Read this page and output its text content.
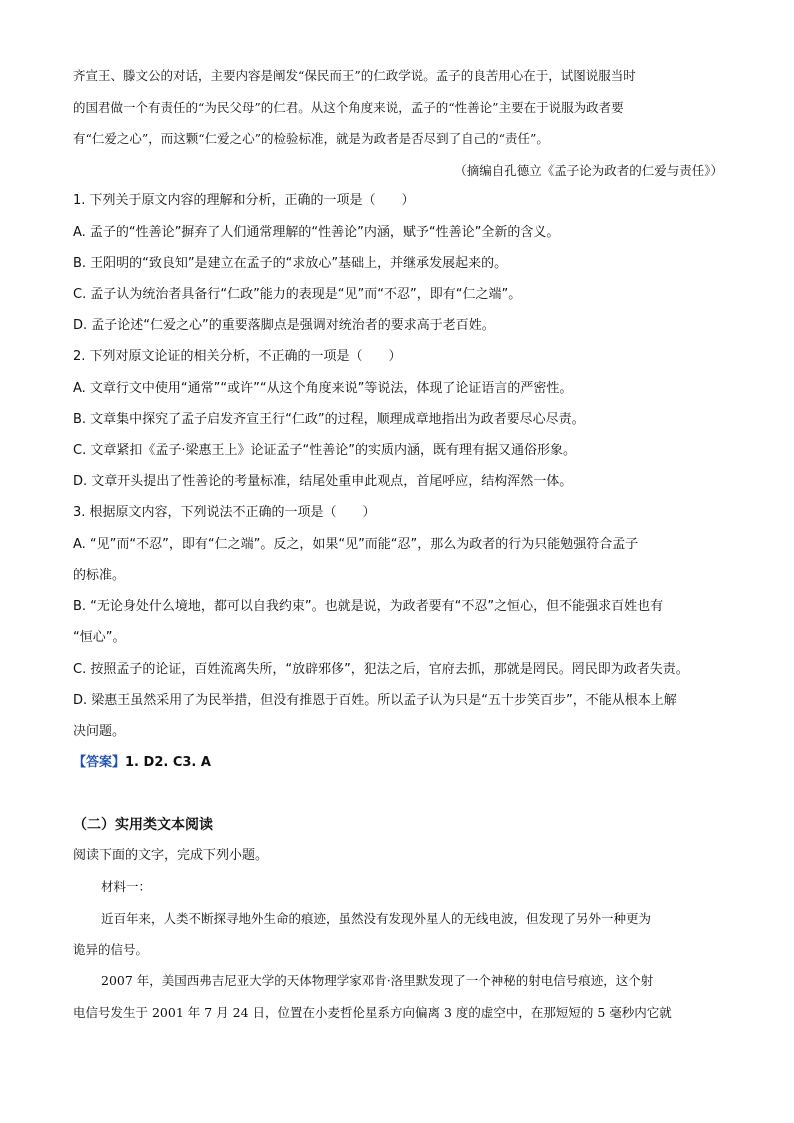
齐宣王、滕文公的对话，主要内容是阐发“保民而王”的仁政学说。孟子的良苦用心在于，试图说服当时
的国君做一个有责任的“为民父母”的仁君。从这个角度来说，孟子的“性善论”主要在于说服为政者要
有“仁爱之心”，而这颗“仁爱之心”的检验标准，就是为政者是否尽到了自己的“责任”。
（摘编自孔德立《孟子论为政者的仁爱与责任》）
1. 下列关于原文内容的理解和分析，正确的一项是（　　）
A. 孟子的“性善论”摒弃了人们通常理解的“性善论”内涵，赋予“性善论”全新的含义。
B. 王阳明的“致良知”是建立在孟子的“求放心”基础上，并继承发展起来的。
C. 孟子认为统治者具备行“仁政”能力的表现是“见”而“不忍”，即有“仁之端”。
D. 孟子论述“仁爱之心”的重要落脚点是强调对统治者的要求高于老百姓。
2. 下列对原文论证的相关分析，不正确的一项是（　　）
A. 文章行文中使用“通常”“或许”“从这个角度来说”等说法，体现了论证语言的严密性。
B. 文章集中探究了孟子启发齐宣王行“仁政”的过程，顺理成章地指出为政者要尽心尽责。
C. 文章紧扣《孟子·梁惠王上》论证孟子“性善论”的实质内涵，既有理有据又通俗形象。
D. 文章开头提出了性善论的考量标准，结尾处重申此观点，首尾呼应，结构浑然一体。
3. 根据原文内容，下列说法不正确的一项是（　　）
A. “见”而“不忍”，即有“仁之端”。反之，如果“见”而能“忍”，那么为政者的行为只能勉强符合孟子
的标准。
B. “无论身处什么境地，都可以自我约束”。也就是说，为政者要有“不忍”之恒心，但不能强求百姓也有
“恒心”。
C. 按照孟子的论证，百姓流离失所，“放辟邪侈”，犯法之后，官府去抓，那就是罔民。罔民即为政者失责。
D. 梁惠王虽然采用了为民举措，但没有推恩于百姓。所以孟子认为只是“五十步笑百步”，不能从根本上解
决问题。
【答案】1. D2. C3. A
（二）实用类文本阅读
阅读下面的文字，完成下列小题。
材料一：
近百年来，人类不断探寻地外生命的痕迹，虽然没有发现外星人的无线电波，但发现了另外一种更为
诡异的信号。
2007 年，美国西弗吉尼亚大学的天体物理学家邓肯·洛里默发现了一个神秘的射电信号痕迹，这个射
电信号发生于 2001 年 7 月 24 日，位置在小麦哲伦星系方向偏离 3 度的虚空中，在那短短的 5 毫秒内它就
